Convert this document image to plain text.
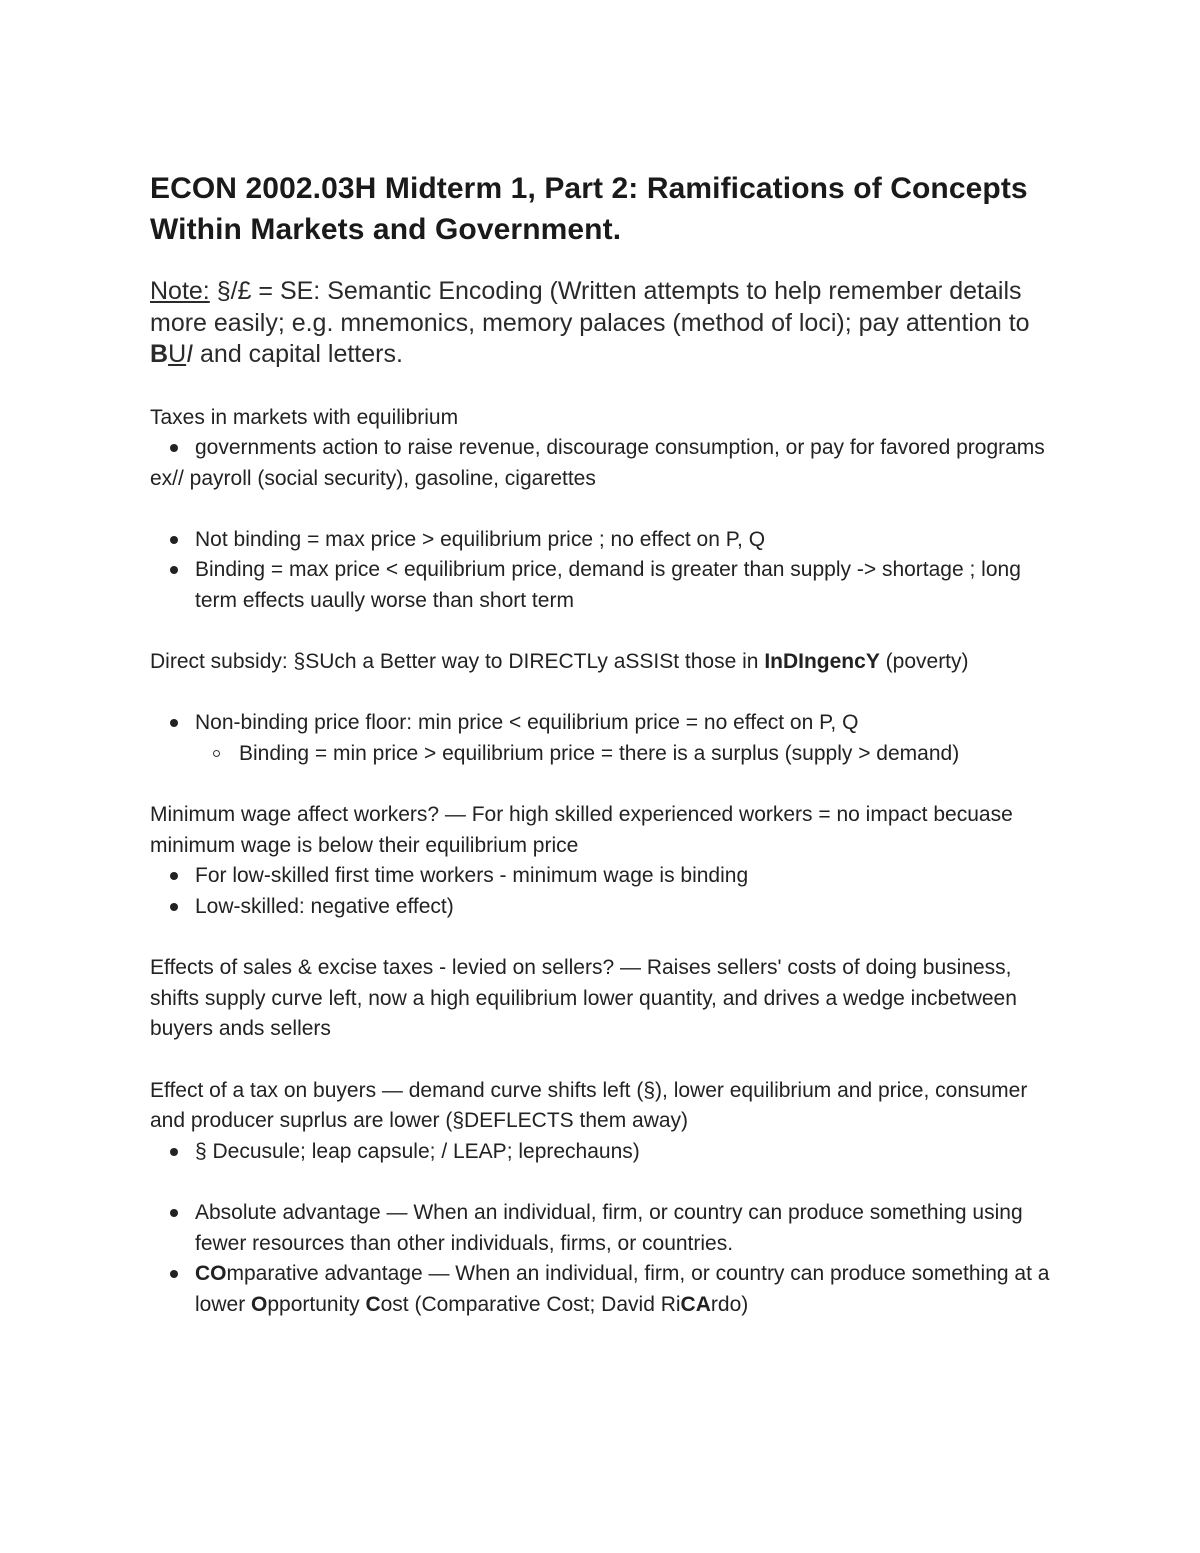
ECON 2002.03H Midterm 1, Part 2: Ramifications of Concepts Within Markets and Government.

Note: §/£ = SE: Semantic Encoding (Written attempts to help remember details more easily; e.g. mnemonics, memory palaces (method of loci); pay attention to BUI and capital letters.

Taxes in markets with equilibrium

governments action to raise revenue, discourage consumption, or pay for favored programs

ex// payroll (social security), gasoline, cigarettes

Not binding = max price > equilibrium price ; no effect on P, Q
Binding = max price < equilibrium price, demand is greater than supply -> shortage ; long term effects uaully worse than short term

Direct subsidy: §SUch a Better way to DIRECTLy aSSISt those in InDIngencY (poverty)

Non-binding price floor: min price < equilibrium price = no effect on P, Q
Binding = min price > equilibrium price = there is a surplus (supply > demand)

Minimum wage affect workers? — For high skilled experienced workers = no impact becuase minimum wage is below their equilibrium price

For low-skilled first time workers - minimum wage is binding
Low-skilled: negative effect)

Effects of sales & excise taxes - levied on sellers? — Raises sellers' costs of doing business, shifts supply curve left, now a high equilibrium lower quantity, and drives a wedge incbetween buyers ands sellers

Effect of a tax on buyers — demand curve shifts left (§), lower equilibrium and price, consumer and producer suprlus are lower (§DEFLECTS them away)

§ Decusule; leap capsule; / LEAP; leprechauns)
Absolute advantage — When an individual, firm, or country can produce something using fewer resources than other individuals, firms, or countries.
COmparative advantage — When an individual, firm, or country can produce something at a lower Opportunity Cost (Comparative Cost; David RiCArdo)
